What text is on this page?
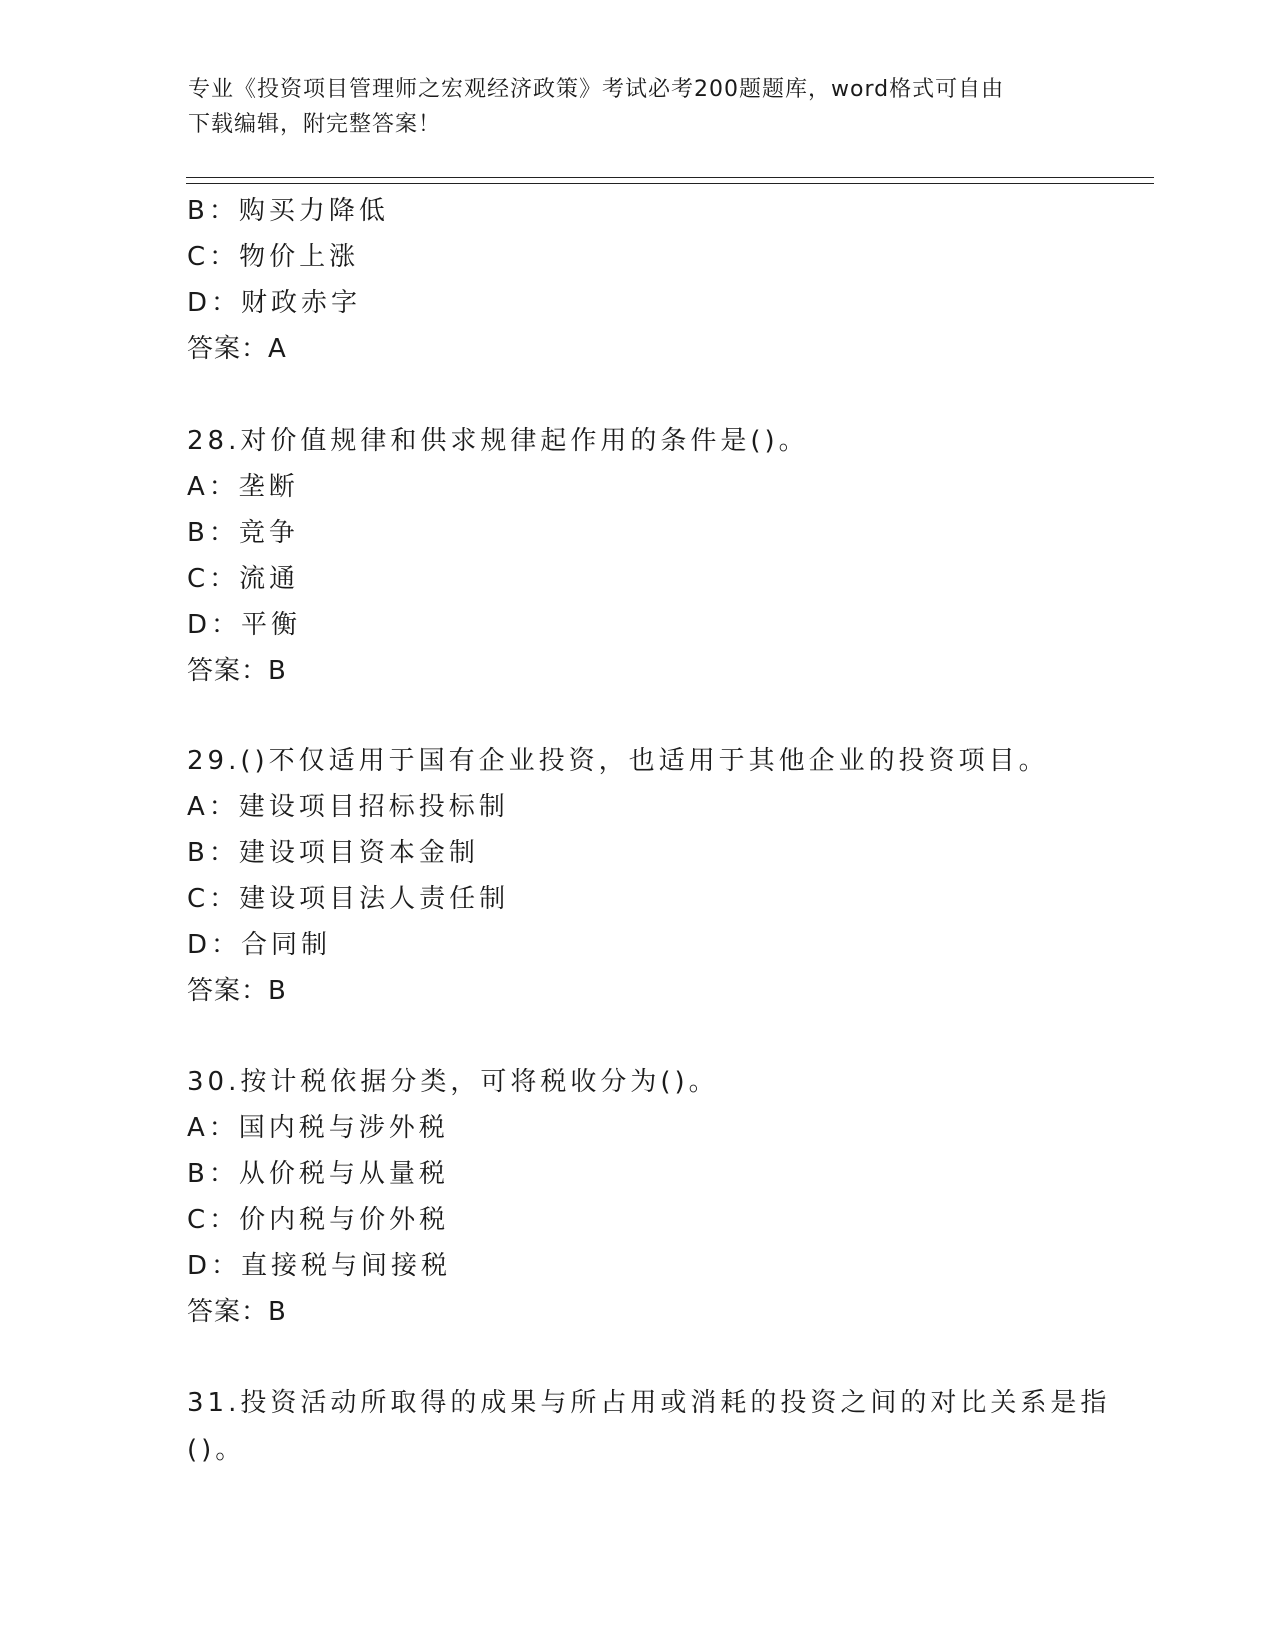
专业《投资项目管理师之宏观经济政策》考试必考200题题库，word格式可自由
下载编辑，附完整答案！
B：购买力降低
C：物价上涨
D：财政赤字
答案：A
28.对价值规律和供求规律起作用的条件是()。
A：垄断
B：竞争
C：流通
D：平衡
答案：B
29.()不仅适用于国有企业投资，也适用于其他企业的投资项目。
A：建设项目招标投标制
B：建设项目资本金制
C：建设项目法人责任制
D：合同制
答案：B
30.按计税依据分类，可将税收分为()。
A：国内税与涉外税
B：从价税与从量税
C：价内税与价外税
D：直接税与间接税
答案：B
31.投资活动所取得的成果与所占用或消耗的投资之间的对比关系是指
()。
